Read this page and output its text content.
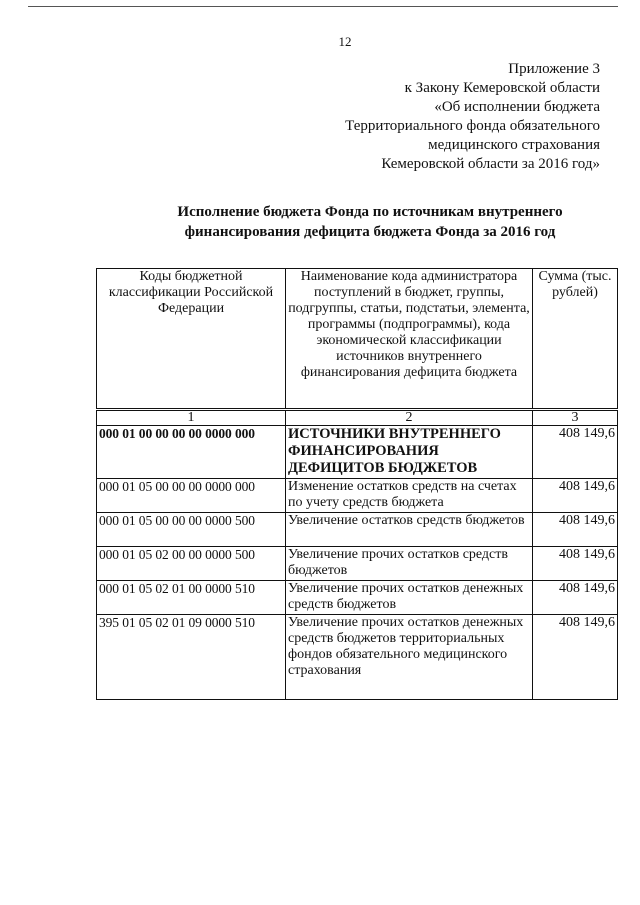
12
Приложение 3
к Закону Кемеровской области
«Об исполнении бюджета
Территориального фонда обязательного
медицинского страхования
Кемеровской области за 2016 год»
Исполнение бюджета Фонда по источникам внутреннего
финансирования дефицита бюджета Фонда за 2016 год
Коды бюджетной классификации Российской Федерации	Наименование кода администратора поступлений в бюджет, группы, подгруппы, статьи, подстатьи, элемента, программы (подпрограммы), кода экономической классификации источников внутреннего финансирования дефицита бюджета	Сумма (тыс. рублей)
1	2	3
000 01 00 00 00 00 0000 000	ИСТОЧНИКИ ВНУТРЕННЕГО ФИНАНСИРОВАНИЯ ДЕФИЦИТОВ БЮДЖЕТОВ	408 149,6
000 01 05 00 00 00 0000 000	Изменение остатков средств на счетах по учету средств бюджета	408 149,6
000 01 05 00 00 00 0000 500	Увеличение остатков средств бюджетов	408 149,6
000 01 05 02 00 00 0000 500	Увеличение прочих остатков средств бюджетов	408 149,6
000 01 05 02 01 00 0000 510	Увеличение прочих остатков денежных средств бюджетов	408 149,6
395 01 05 02 01 09 0000 510	Увеличение прочих остатков денежных средств бюджетов территориальных фондов обязательного медицинского страхования	408 149,6
